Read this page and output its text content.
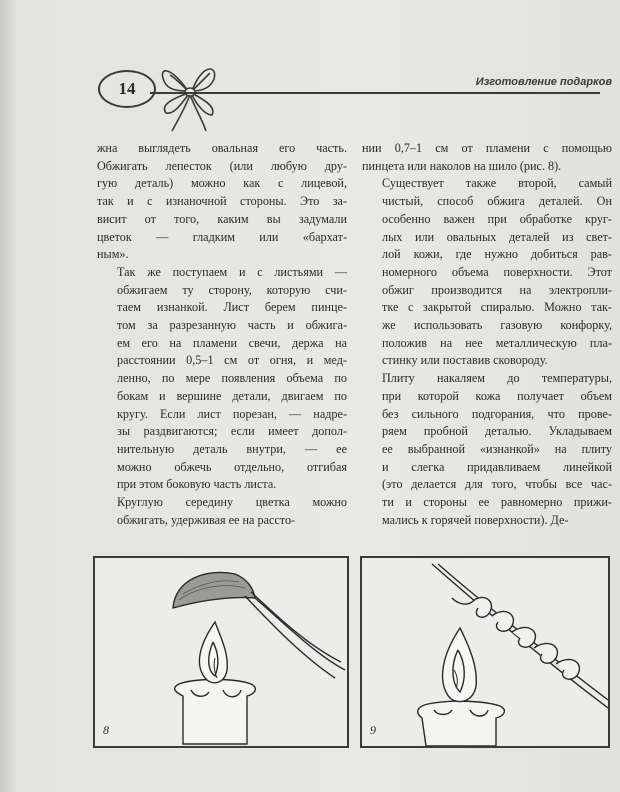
14	Изготовление подарков

жна выглядеть овальная его часть.
Обжигать лепесток (или любую дру-
гую деталь) можно как с лицевой,
так и с изнаночной стороны. Это за-
висит от того, каким вы задумали
цветок — гладким или «бархат-
ным».

Так же поступаем и с листьями —
обжигаем ту сторону, которую счи-
таем изнанкой. Лист берем пинце-
том за разрезанную часть и обжига-
ем его на пламени свечи, держа на
расстоянии 0,5–1 см от огня, и мед-
ленно, по мере появления объема по
бокам и вершине детали, двигаем по
кругу. Если лист порезан, — надре-
зы раздвигаются; если имеет допол-
нительную деталь внутри, — ее
можно обжечь отдельно, отгибая
при этом боковую часть листа.

Круглую середину цветка можно
обжигать, удерживая ее на рассто-

нии 0,7–1 см от пламени с помощью
пинцета или наколов на шило (рис. 8).

Существует также второй, самый
чистый, способ обжига деталей. Он
особенно важен при обработке круг-
лых или овальных деталей из свет-
лой кожи, где нужно добиться рав-
номерного объема поверхности. Этот
обжиг производится на электропли-
тке с закрытой спиралью. Можно так-
же использовать газовую конфорку,
положив на нее металлическую пла-
стинку или поставив сковороду.

Плиту накаляем до температуры,
при которой кожа получает объем
без сильного подгорания, что прове-
ряем пробной деталью. Укладываем
ее выбранной «изнанкой» на плиту
и слегка придавливаем линейкой
(это делается для того, чтобы все час-
ти и стороны ее равномерно прижи-
мались к горячей поверхности). Де-

8	9
